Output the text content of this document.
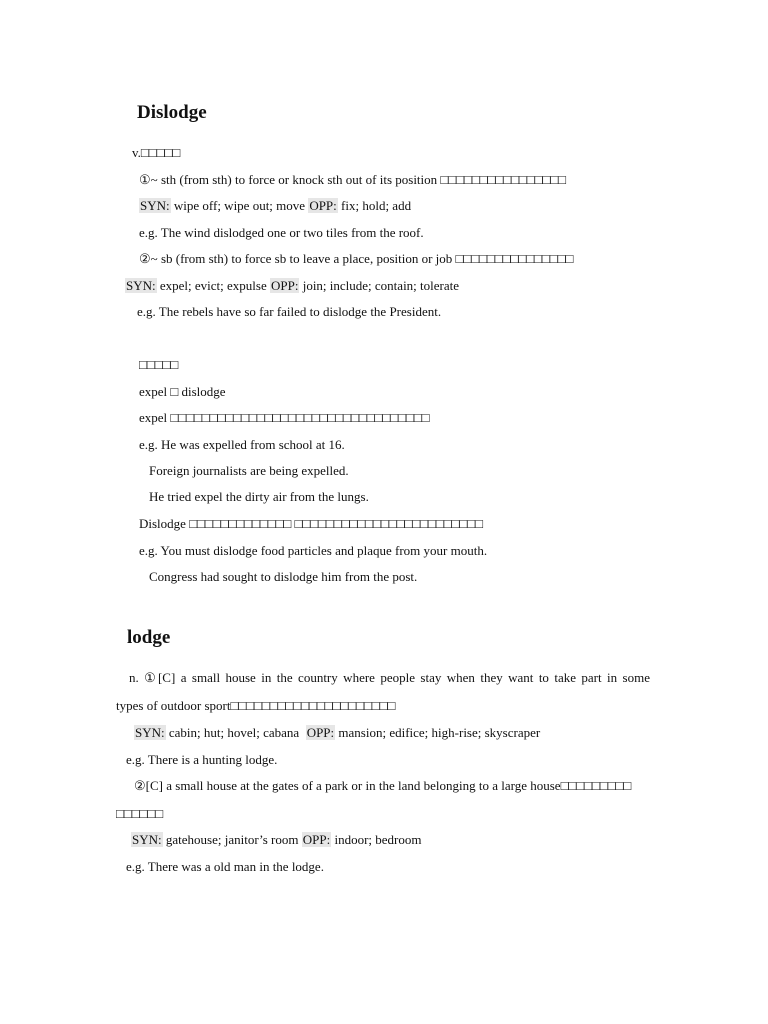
Dislodge
v.□□□□□
①~ sth (from sth) to force or knock sth out of its position □□□□□□□□□□□□□□□□
SYN: wipe off; wipe out; move OPP: fix; hold; add
e.g. The wind dislodged one or two tiles from the roof.
②~ sb (from sth) to force sb to leave a place, position or job □□□□□□□□□□□□□□□
SYN: expel; evict; expulse OPP: join; include; contain; tolerate
e.g. The rebels have so far failed to dislodge the President.
□□□□□
expel □ dislodge
expel □□□□□□□□□□□□□□□□□□□□□□□□□□□□□□□□□
e.g. He was expelled from school at 16.
Foreign journalists are being expelled.
He tried expel the dirty air from the lungs.
Dislodge □□□□□□□□□□□□□ □□□□□□□□□□□□□□□□□□□□□□□□
e.g. You must dislodge food particles and plaque from your mouth.
Congress had sought to dislodge him from the post.
lodge
n. ①[C] a small house in the country where people stay when they want to take part in some
types of outdoor sport□□□□□□□□□□□□□□□□□□□□□
SYN: cabin; hut; hovel; cabana  OPP: mansion; edifice; high-rise; skyscraper
e.g. There is a hunting lodge.
②[C] a small house at the gates of a park or in the land belonging to a large house□□□□□□□□□
□□□□□□
SYN: gatehouse; janitor’s room OPP: indoor; bedroom
e.g. There was a old man in the lodge.
